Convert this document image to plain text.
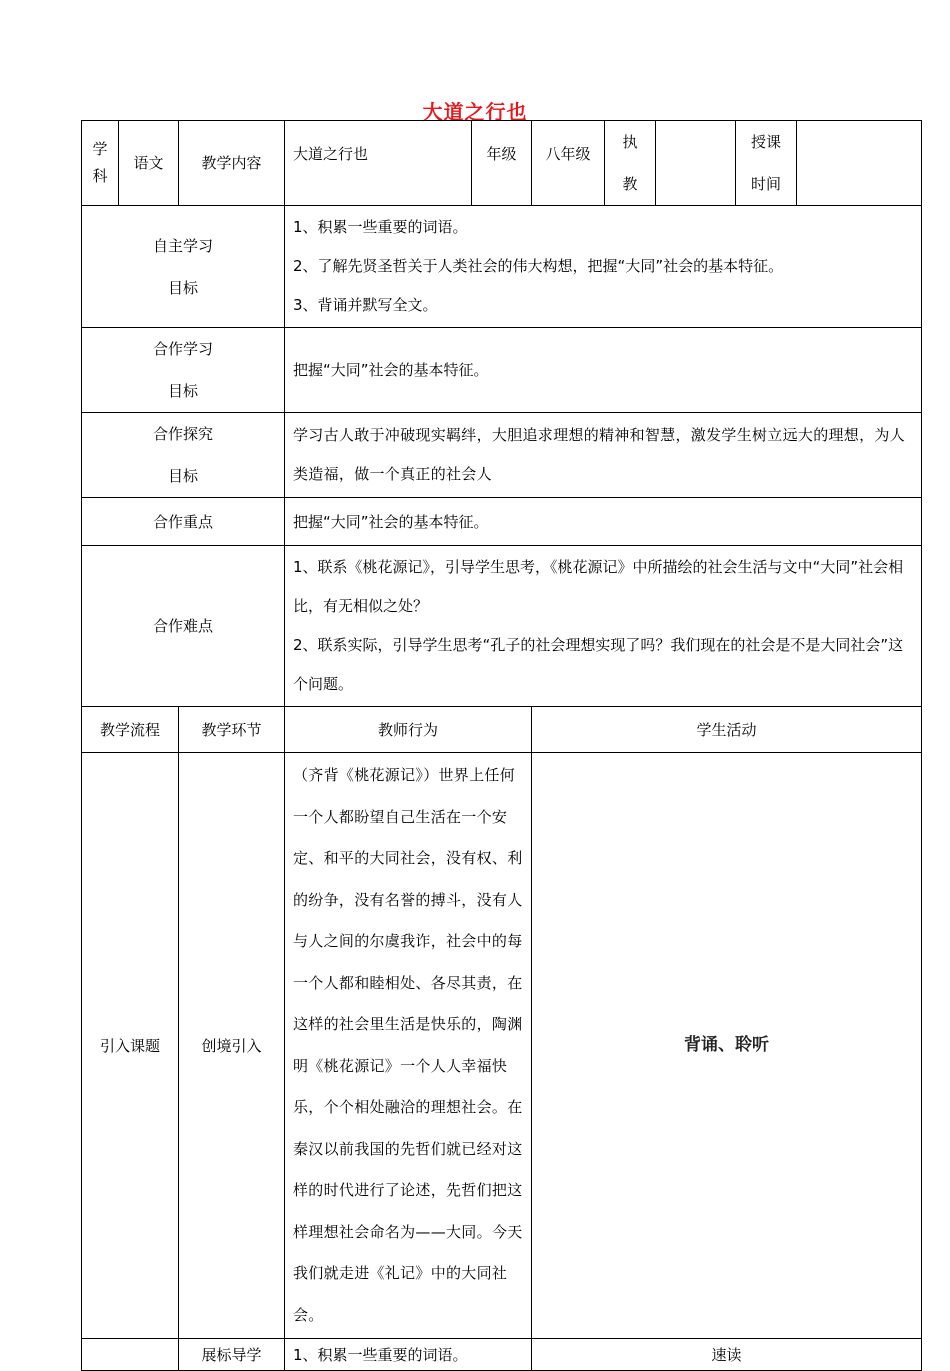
大道之行也
学科	语文	教学内容	大道之行也	年级	八年级	执教		授课时间	

自主学习目标			1、积累一些重要的词语。

2、了解先贤圣哲关于人类社会的伟大构想，把握“大同”社会的基本特征。

3、背诵并默写全文。						

合作学习目标			把握“大同”社会的基本特征。						

合作探究目标			学习古人敢于冲破现实羁绊，大胆追求理想的精神和智慧，激发学生树立远大的理想，为人类造福，做一个真正的社会人						
合作重点			把握“大同”社会的基本特征。						
合作难点			1、联系《桃花源记》，引导学生思考，《桃花源记》中所描绘的社会生活与文中“大同”社会相比，有无相似之处？

2、联系实际，引导学生思考“孔子的社会理想实现了吗？我们现在的社会是不是大同社会”这个问题。						

教学流程		教学环节	教师行为		学生活动				
引入课题		创境引入	（齐背《桃花源记》）世界上任何一个人都盼望自己生活在一个安定、和平的大同社会，没有权、利的纷争，没有名誉的搏斗，没有人与人之间的尔虞我诈，社会中的每一个人都和睦相处、各尽其责，在这样的社会里生活是快乐的，陶渊明《桃花源记》一个人人幸福快乐，个个相处融洽的理想社会。在秦汉以前我国的先哲们就已经对这样的时代进行了论述，先哲们把这样理想社会命名为——大同。今天我们就走进《礼记》中的大同社会。		背诵、聆听				
		展标导学	1、积累一些重要的词语。		速读				
